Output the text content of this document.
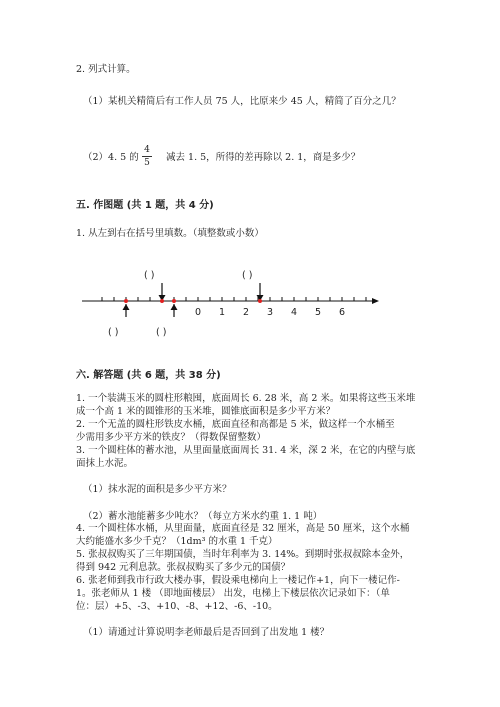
2. 列式计算。
（1）某机关精简后有工作人员 75 人，比原来少 45 人，精简了百分之几？
（2）4. 5 的
4
5 减去 1. 5，所得的差再除以 2. 1，商是多少？
五. 作图题 (共 1 题，共 4 分)
1. 从左到右在括号里填数。（填整数或小数）
( )	( )
0 1 2 3 4 5 6
( )	( )
六. 解答题 (共 6 题，共 38 分)
1. 一个装满玉米的圆柱形粮囤，底面周长 6. 28 米，高 2 米。如果将这些玉米堆
成一个高 1 米的圆锥形的玉米堆，圆锥底面积是多少平方米？
2. 一个无盖的圆柱形铁皮水桶，底面直径和高都是 5 米，做这样一个水桶至
少需用多少平方米的铁皮？（得数保留整数）
3. 一个圆柱体的蓄水池，从里面量底面周长 31. 4 米，深 2 米，在它的内壁与底
面抹上水泥。
（1）抹水泥的面积是多少平方米？
（2）蓄水池能蓄多少吨水？（每立方米水约重 1. 1 吨）
4. 一个圆柱体水桶，从里面量，底面直径是 32 厘米，高是 50 厘米，这个水桶
大约能盛水多少千克？（1dm³ 的水重 1 千克）
5. 张叔叔购买了三年期国债，当时年利率为 3. 14%。到期时张叔叔除本金外，
得到 942 元利息款。张叔叔购买了多少元的国债？
6. 张老师到我市行政大楼办事，假设乘电梯向上一楼记作+1，向下一楼记作-
1。张老师从 1 楼 （即地面楼层） 出发，电梯上下楼层依次记录如下：（单
位：层）+5、-3、+10、-8、+12、-6、-10。
（1）请通过计算说明李老师最后是否回到了出发地 1 楼？
